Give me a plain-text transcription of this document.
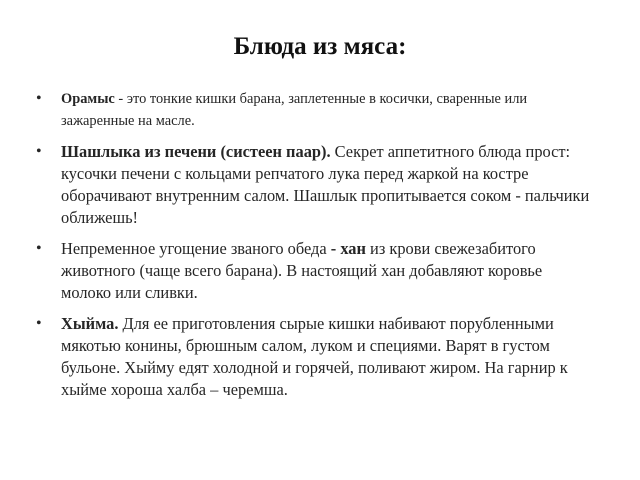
Блюда из мяса:
• Орамыс - это тонкие кишки барана, заплетенные в косички, сваренные или зажаренные на масле.
• Шашлыка из печени (систеен паар). Секрет аппетитного блюда прост: кусочки печени с кольцами репчатого лука перед жаркой на костре оборачивают внутренним салом. Шашлык пропитывается соком - пальчики оближешь!
• Непременное угощение званого обеда - хан из крови свежезабитого животного (чаще всего барана). В настоящий хан добавляют коровье молоко или сливки.
• Хыйма. Для ее приготовления сырые кишки набивают порубленными мякотью конины, брюшным салом, луком и специями. Варят в густом бульоне. Хыйму едят холодной и горячей, поливают жиром. На гарнир к хыйме хороша халба – черемша.
